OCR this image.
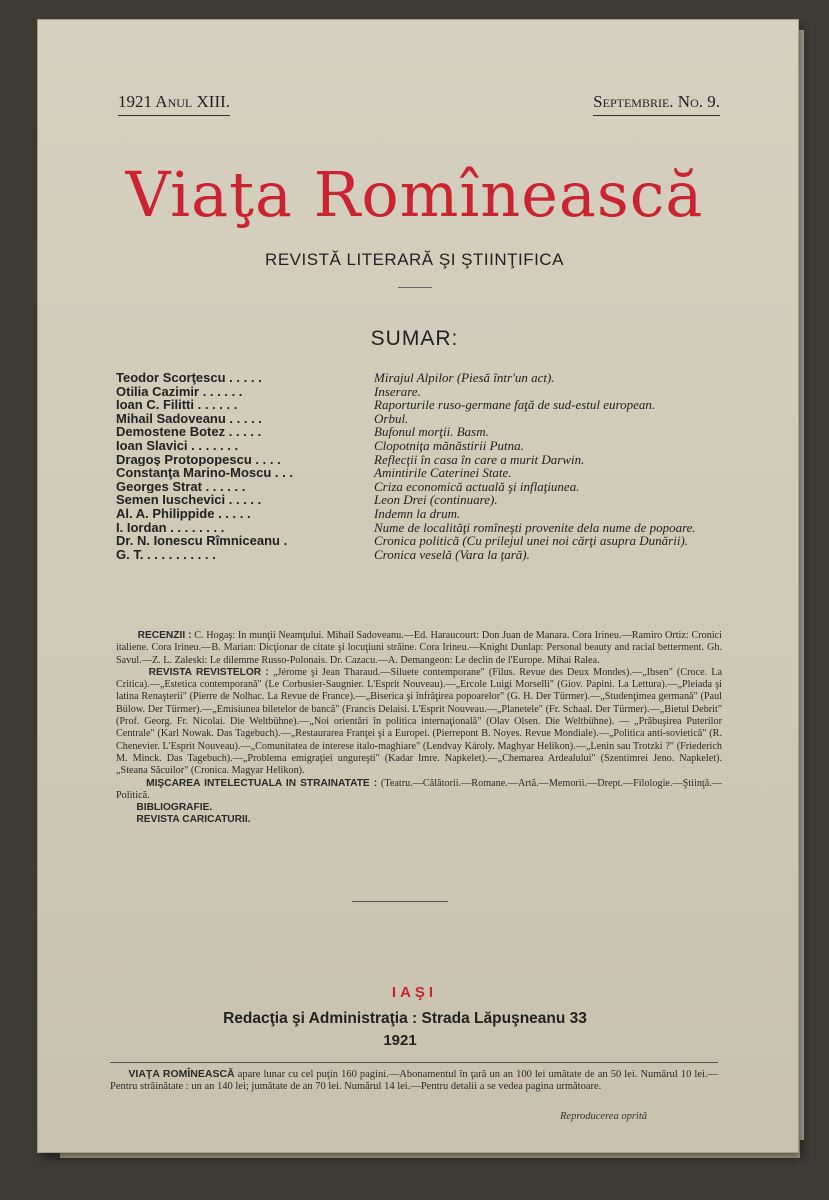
1921 Anul XIII.	Septembrie. No. 9.
Viaţa Romînească
REVISTĂ LITERARĂ ŞI ŞTIINŢIFICA
SUMAR:
Teodor Scorţescu . . . . .	Mirajul Alpilor (Piesă într'un act).
Otilia Cazimir . . . . . .	Inserare.
Ioan C. Filitti . . . . . .	Raporturile ruso-germane faţă de sud-estul european.
Mihail Sadoveanu . . . . .	Orbul.
Demostene Botez . . . . .	Bufonul morţii. Basm.
Ioan Slavici . . . . . . .	Clopotniţa mănăstirii Putna.
Dragoş Protopopescu . . . .	Reflecţii în casa în care a murit Darwin.
Constanţa Marino-Moscu . . .	Amintirile Caterinei State.
Georges Strat . . . . . .	Criza economică actuală şi inflaţiunea.
Semen Iuschevici . . . . .	Leon Drei (continuare).
Al. A. Philippide . . . . .	Indemn la drum.
I. Iordan . . . . . . . .	Nume de localităţi romîneşti provenite dela nume de popoare.
Dr. N. Ionescu Rîmniceanu .	Cronica politică (Cu prilejul unei noi cărţi asupra Dunării).
G. T. . . . . . . . . . .	Cronica veselă (Vara la ţară).

RECENZII : C. Hogaş: In munţii Neamţului. Mihail Sadoveanu.—Ed. Haraucourt: Don Juan de Manara. Cora Irineu.—Ramiro Ortiz: Cronici italiene. Cora Irineu.—B. Marian: Dicţionar de citate şi locuţiuni străine. Cora Irineu.—Knight Dunlap: Personal beauty and racial betterment. Gh. Savul.—Z. L. Zaleski: Le dilemme Russo-Polonais. Dr. Cazacu.—A. Demangeon: Le declin de l'Europe. Mihai Ralea.

REVISTA REVISTELOR : „Jérome şi Jean Tharaud.—Siluete contemporane" (Filus. Revue des Deux Mondes).—„Ibsen" (Croce. La Critica).—„Estetica contemporană" (Le Corbusier-Saugnier. L'Esprit Nouveau).—„Ercole Luigi Morselli" (Giov. Papini. La Lettura).—„Pleiada şi latina Renaşterii" (Pierre de Nolhac. La Revue de France).—„Biserica şi înfrăţirea popoarelor" (G. H. Der Türmer).—„Studenţimea germană" (Paul Bülow. Der Türmer).—„Emisiunea biletelor de bancă" (Francis Delaisi. L'Esprit Nouveau.—„Planetele" (Fr. Schaal. Der Türmer).—„Bietul Debrit" (Prof. Georg. Fr. Nicolai. Die Weltbühne).—„Noi orientări în politica internaţională" (Olav Olsen. Die Weltbühne). — „Prăbuşirea Puterilor Centrale" (Karl Nowak. Das Tagebuch).—„Restaurarea Franţei şi a Europei. (Pierrepont B. Noyes. Revue Mondiale).—„Politica anti-sovietică" (R. Chenevier. L'Esprit Nouveau).—„Comunitatea de interese italo-maghiare" (Lendvay Károly. Maghyar Helikon).—„Lenin sau Trotzki ?" (Friederich M. Minck. Das Tagebuch).—„Problema emigraţiei ungureşti" (Kadar Imre. Napkelet).—„Chemarea Ardealului" (Szentimrei Jeno. Napkelet). „Steana Săcuilor" (Cronica. Magyar Helikon).

MIŞCAREA INTELECTUALA IN STRAINATATE : (Teatru.—Călătorii.—Romane.—Artă.—Memorii.—Drept.—Filologie.—Ştiinţă.—Politică.

BIBLIOGRAFIE.

REVISTA CARICATURII.

IAŞI
Redacţia şi Administraţia : Strada Lăpuşneanu 33
1921
VIAŢA ROMÎNEASCĂ apare lunar cu cel puţin 160 pagini.—Abonamentul în ţară un an 100 lei umătate de an 50 lei. Numărul 10 lei.—Pentru străinătate : un an 140 lei; jumătate de an 70 lei. Numărul 14 lei.—Pentru detalii a se vedea pagina următoare.
Reproducerea oprită
